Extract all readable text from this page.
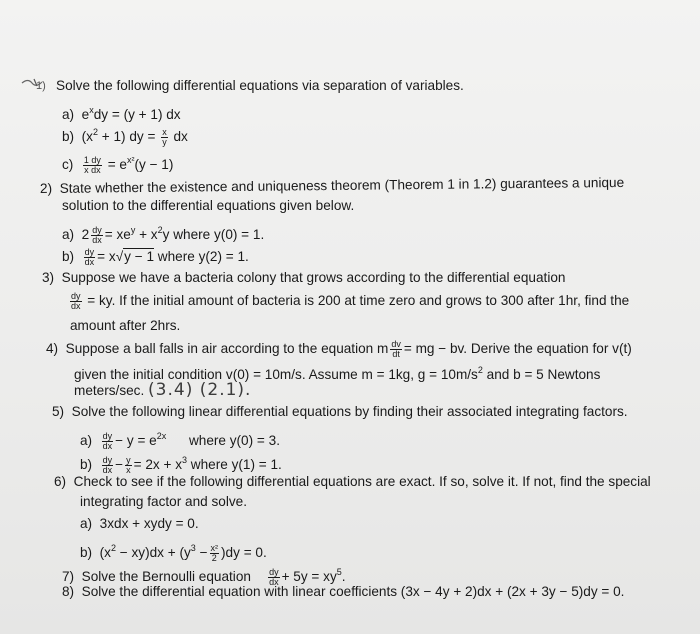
1) Solve the following differential equations via separation of variables.
a) $e^xdy = (y + 1)$ dx
b) $(x^2 + 1)$ dy = $\frac{x}{y}$ dx
$c) \frac{1 dy}{\text{x dx}} = e^{x^2}(y - 1)$
2) State whether the existence and uniqueness theorem (Theorem 1 in 1.2) guarantees a unique
solution to the differential equations given below.
a) $2 \frac{dy}{dx} = xe^y + x^2y$ where y(0) = 1.
$b) \frac{dy}{dx} = x√y - 1$ where y(2) = 1.
3) Suppose we have a bacteria colony that grows according to the differential equation
$\frac{dy}{dx}$ = ky. If the initial amount of bacteria is 200 at time zero and grows to 300 after 1hr, find the
amount after 2hrs.
4) Suppose a ball falls in air according to the equation m $\frac{dv}{dt}$ = mg − bv. Derive the equation for v(t)
given the initial condition v(0) = 10m/s. Assume m = 1kg, $g = 10m/s^2$ and b = 5 Newtons
meters/sec. (3.4) (2.1).
5) Solve the following linear differential equations by finding their associated integrating factors.
$a) \frac{dy}{dx} - y = e^{2x}$ where y(0) = 3.
$b) \frac{dy}{dx} - \frac{y}{x} = 2x + x^3$ where y(1) = 1.
6) Check to see if the following differential equations are exact. If so, solve it. If not, find the special
integrating factor and solve.
a) 3xdx + xydy = 0.
b) $(x^2 - xy)dx + (y^3 - \frac{\text{x²}}{2} )dy = 0$.
7) Solve the Bernoulli equation $\frac{dy}{dx} + 5y = xy^5$.
8) Solve the differential equation with linear coefficients (3x − 4y + 2)dx + (2x + 3y − 5)dy = 0.
